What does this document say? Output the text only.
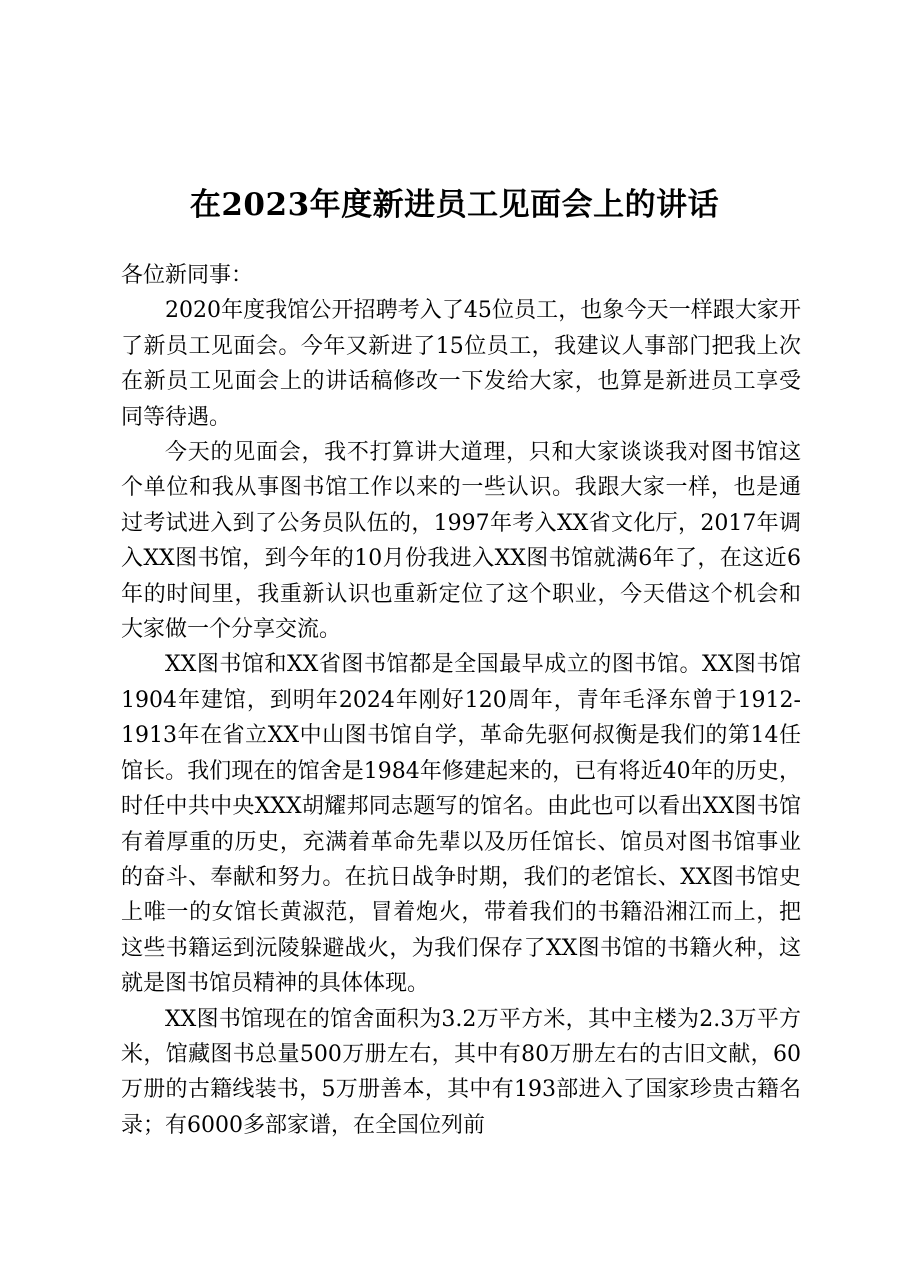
在2023年度新进员工见面会上的讲话

各位新同事：

2020年度我馆公开招聘考入了45位员工，也象今天一样跟大家开了新员工见面会。今年又新进了15位员工，我建议人事部门把我上次在新员工见面会上的讲话稿修改一下发给大家，也算是新进员工享受同等待遇。

今天的见面会，我不打算讲大道理，只和大家谈谈我对图书馆这个单位和我从事图书馆工作以来的一些认识。我跟大家一样，也是通过考试进入到了公务员队伍的，1997年考入XX省文化厅，2017年调入XX图书馆，到今年的10月份我进入XX图书馆就满6年了，在这近6年的时间里，我重新认识也重新定位了这个职业，今天借这个机会和大家做一个分享交流。

XX图书馆和XX省图书馆都是全国最早成立的图书馆。XX图书馆1904年建馆，到明年2024年刚好120周年，青年毛泽东曾于1912-1913年在省立XX中山图书馆自学，革命先驱何叔衡是我们的第14任馆长。我们现在的馆舍是1984年修建起来的，已有将近40年的历史，时任中共中央XXX胡耀邦同志题写的馆名。由此也可以看出XX图书馆有着厚重的历史，充满着革命先辈以及历任馆长、馆员对图书馆事业的奋斗、奉献和努力。在抗日战争时期，我们的老馆长、XX图书馆史上唯一的女馆长黄淑范，冒着炮火，带着我们的书籍沿湘江而上，把这些书籍运到沅陵躲避战火，为我们保存了XX图书馆的书籍火种，这就是图书馆员精神的具体体现。

XX图书馆现在的馆舍面积为3.2万平方米，其中主楼为2.3万平方米，馆藏图书总量500万册左右，其中有80万册左右的古旧文献，60万册的古籍线装书，5万册善本，其中有193部进入了国家珍贵古籍名录；有6000多部家谱，在全国位列前
